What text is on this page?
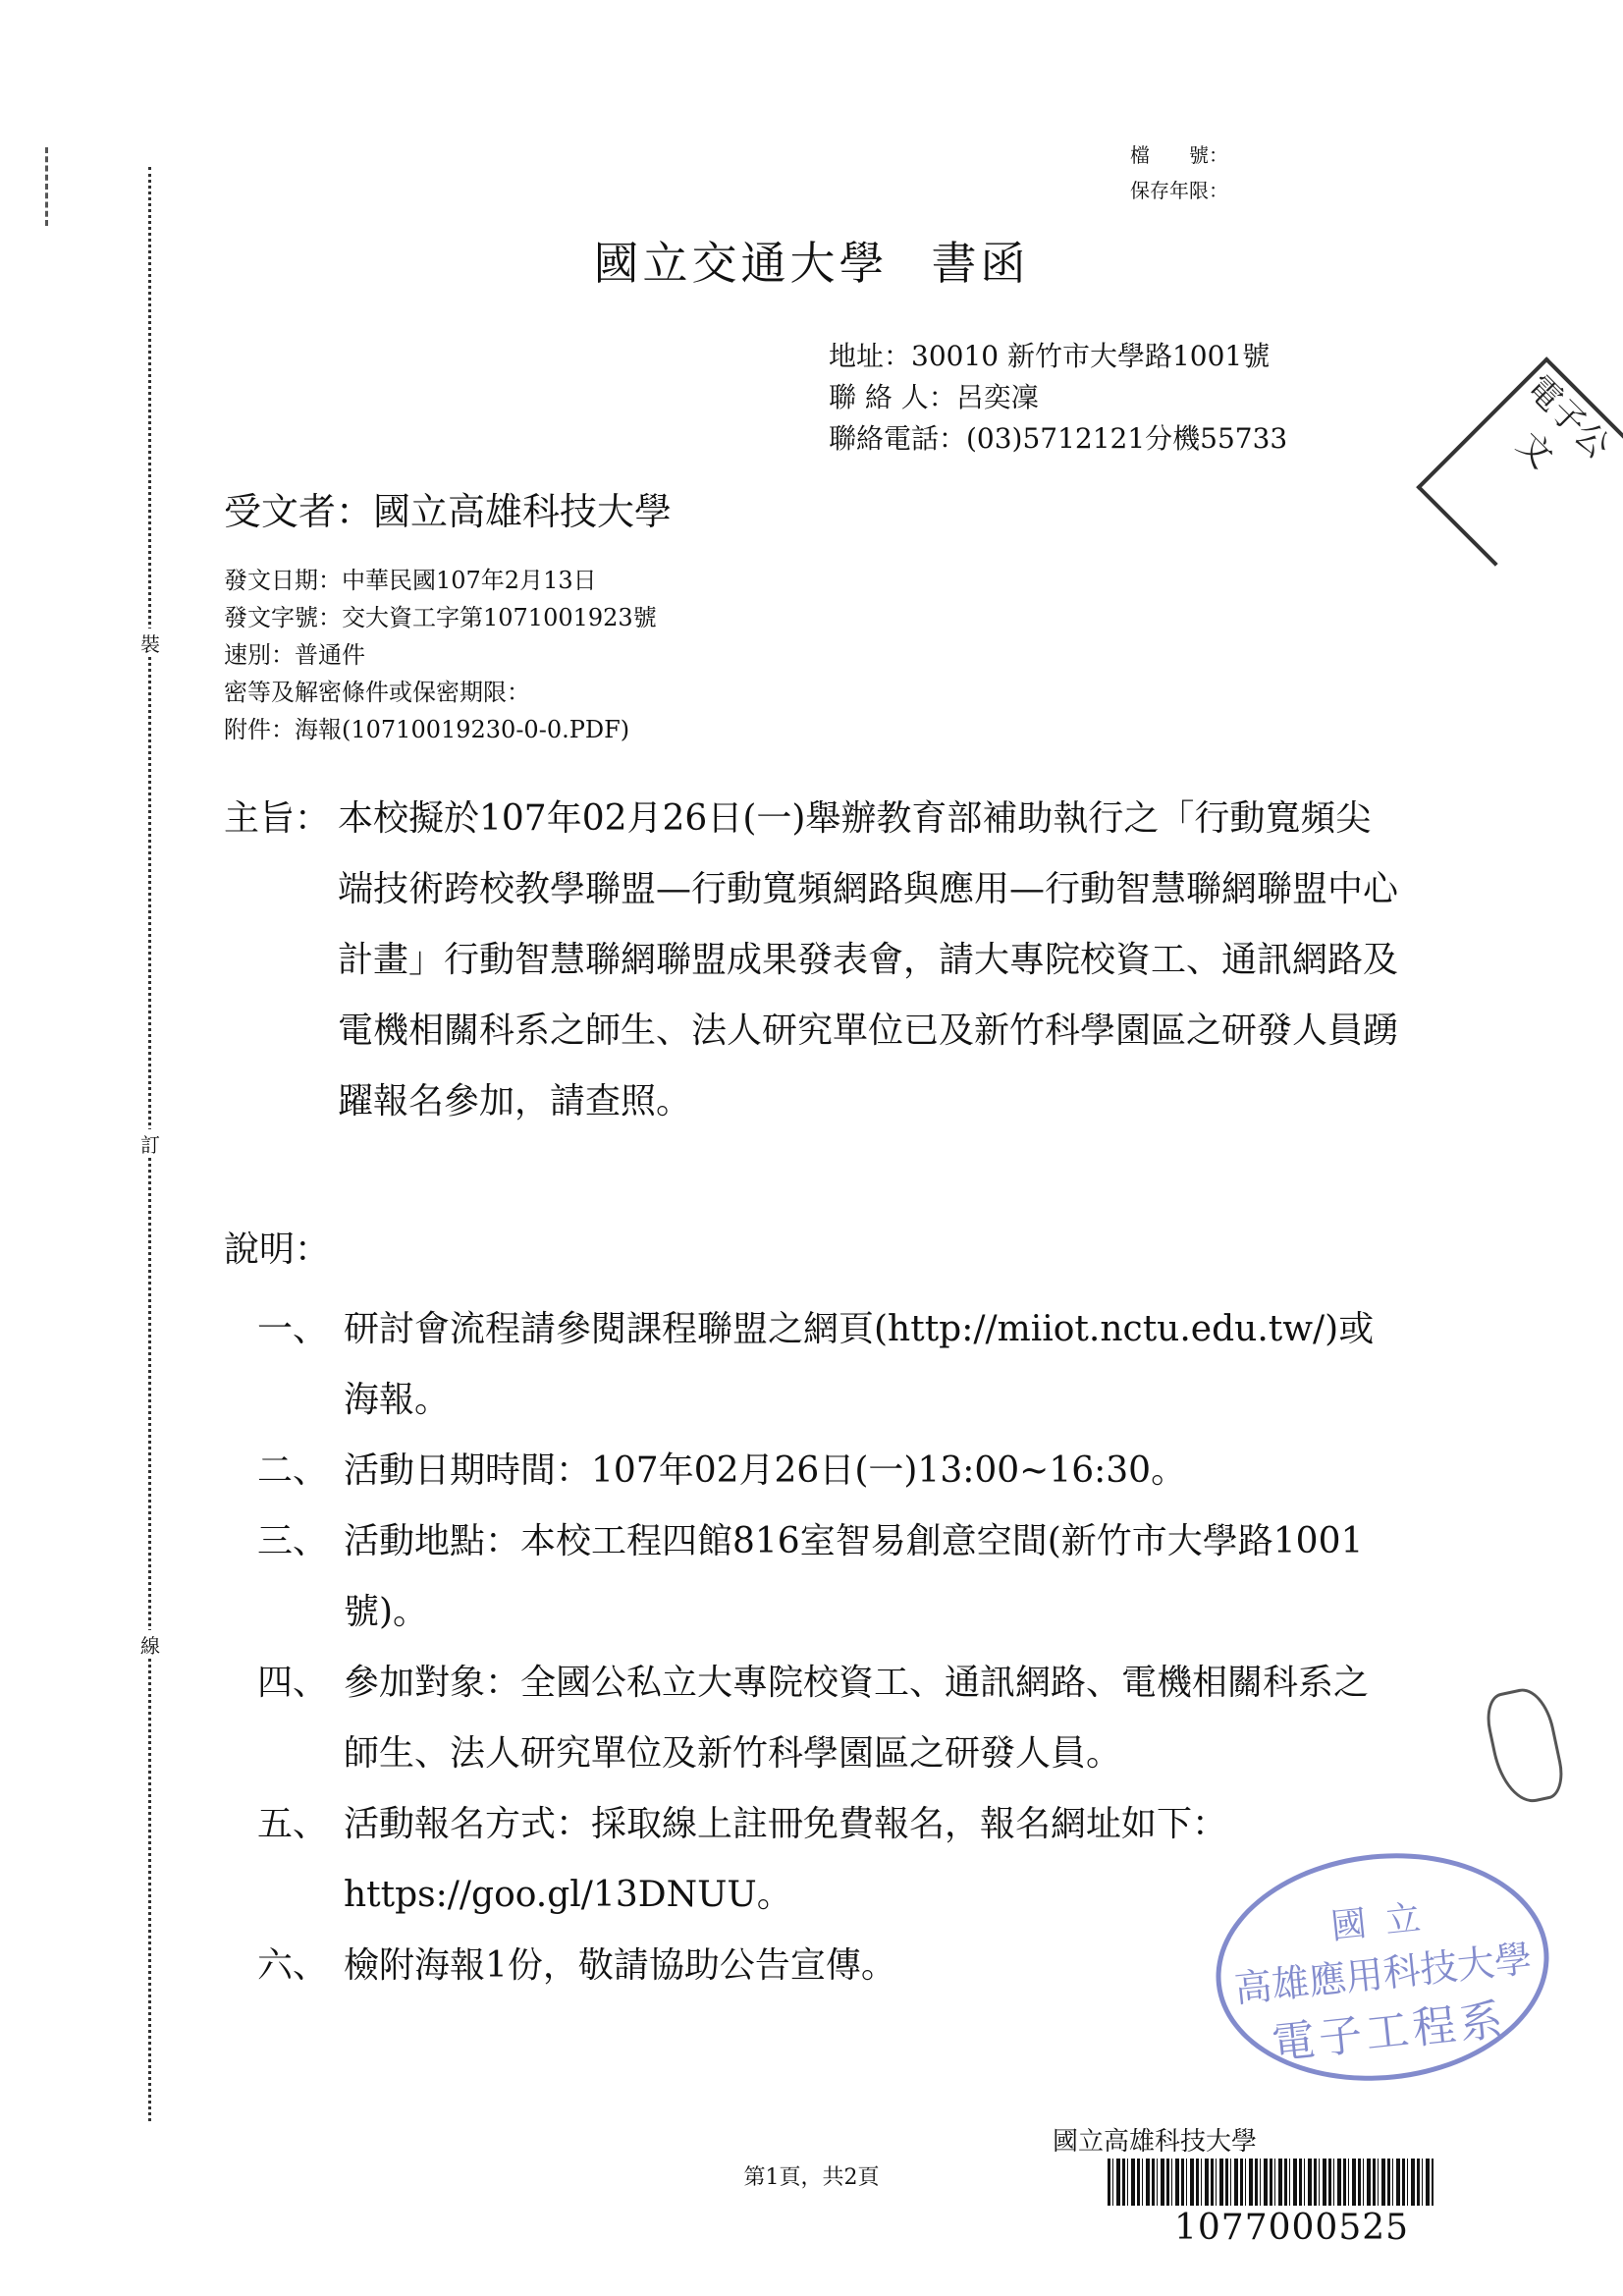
裝
訂
線
檔　　號：
保存年限：
國立交通大學 書函
地址：30010 新竹市大學路1001號
聯 絡 人：呂奕凜
聯絡電話：(03)5712121分機55733
受文者：國立高雄科技大學
發文日期：中華民國107年2月13日
發文字號：交大資工字第1071001923號
速別：普通件
密等及解密條件或保密期限：
附件：海報(10710019230-0-0.PDF)
主旨： 本校擬於107年02月26日(一)舉辦教育部補助執行之「行動寬頻尖端技術跨校教學聯盟—行動寬頻網路與應用—行動智慧聯網聯盟中心計畫」行動智慧聯網聯盟成果發表會，請大專院校資工、通訊網路及電機相關科系之師生、法人研究單位已及新竹科學園區之研發人員踴躍報名參加，請查照。
說明：
一、 研討會流程請參閱課程聯盟之網頁(http://miiot.nctu.edu.tw/)或海報。
二、 活動日期時間：107年02月26日(一)13:00~16:30。
三、 活動地點：本校工程四館816室智易創意空間(新竹市大學路1001號)。
四、 參加對象：全國公私立大專院校資工、通訊網路、電機相關科系之師生、法人研究單位及新竹科學園區之研發人員。
五、 活動報名方式：採取線上註冊免費報名，報名網址如下：https://goo.gl/13DNUU。
六、 檢附海報1份，敬請協助公告宣傳。
電子公文
國 立
高雄應用科技大學
電子工程系
國立高雄科技大學
第1頁，共2頁
1077000525
